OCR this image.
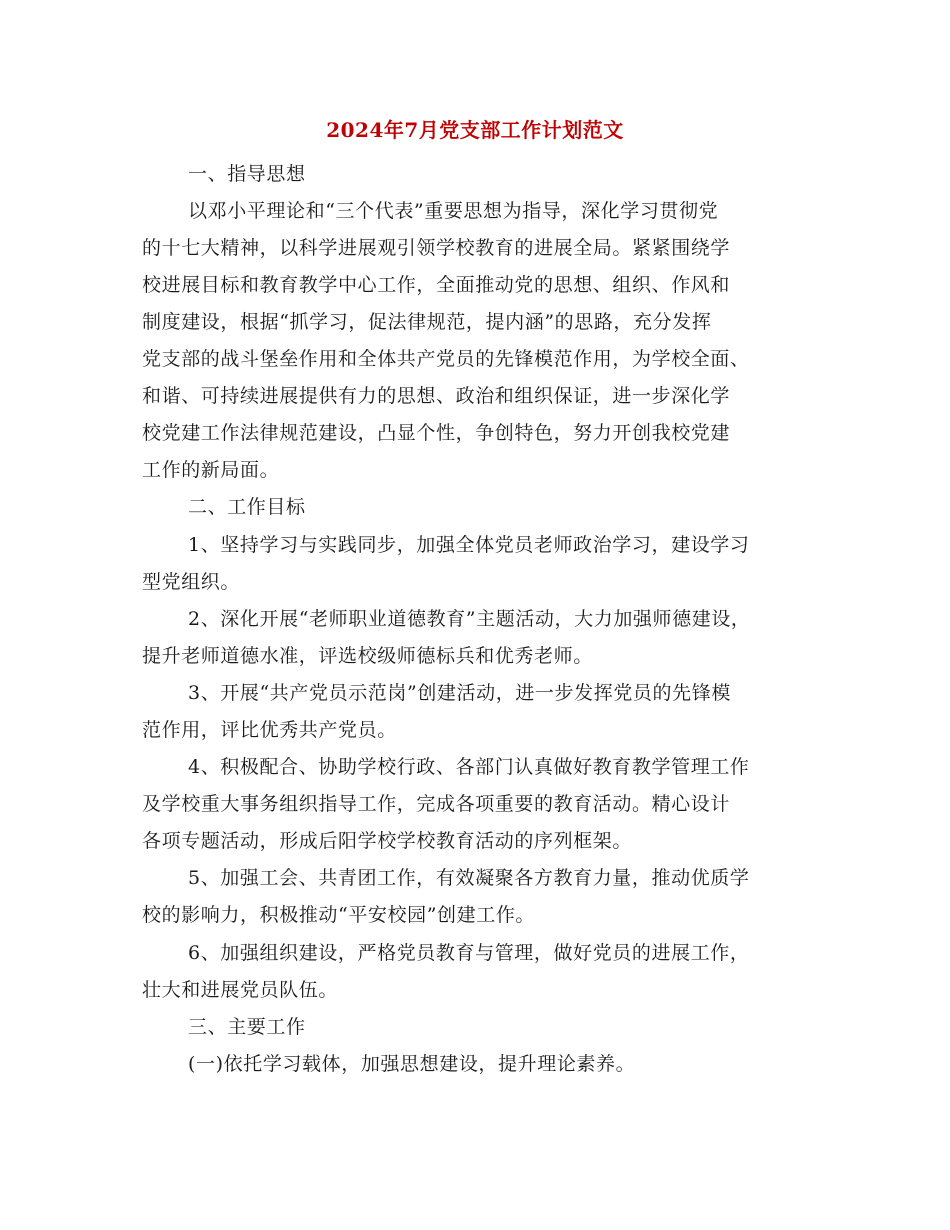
2024年7月党支部工作计划范文
一、指导思想
以邓小平理论和“三个代表”重要思想为指导，深化学习贯彻党
的十七大精神，以科学进展观引领学校教育的进展全局。紧紧围绕学
校进展目标和教育教学中心工作，全面推动党的思想、组织、作风和
制度建设，根据“抓学习，促法律规范，提内涵”的思路，充分发挥
党支部的战斗堡垒作用和全体共产党员的先锋模范作用，为学校全面、
和谐、可持续进展提供有力的思想、政治和组织保证，进一步深化学
校党建工作法律规范建设，凸显个性，争创特色，努力开创我校党建
工作的新局面。
二、工作目标
1、坚持学习与实践同步，加强全体党员老师政治学习，建设学习
型党组织。
2、深化开展“老师职业道德教育”主题活动，大力加强师德建设，
提升老师道德水准，评选校级师德标兵和优秀老师。
3、开展“共产党员示范岗”创建活动，进一步发挥党员的先锋模
范作用，评比优秀共产党员。
4、积极配合、协助学校行政、各部门认真做好教育教学管理工作
及学校重大事务组织指导工作，完成各项重要的教育活动。精心设计
各项专题活动，形成后阳学校学校教育活动的序列框架。
5、加强工会、共青团工作，有效凝聚各方教育力量，推动优质学
校的影响力，积极推动“平安校园”创建工作。
6、加强组织建设，严格党员教育与管理，做好党员的进展工作，
壮大和进展党员队伍。
三、主要工作
(一)依托学习载体，加强思想建设，提升理论素养。
